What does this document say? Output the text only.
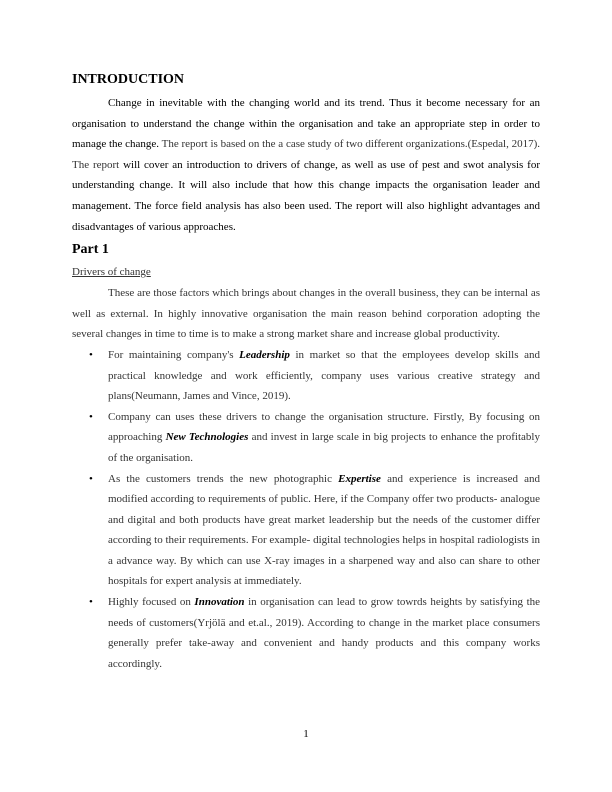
INTRODUCTION

Change in inevitable with the changing world and its trend. Thus it become necessary for an organisation to understand the change within the organisation and take an appropriate step in order to manage the change. The report is based on the a case study of two different organizations.(Espedal, 2017). The report will cover an introduction to drivers of change, as well as use of pest and swot analysis for understanding change. It will also include that how this change impacts the organisation leader and management. The force field analysis has also been used. The report will also highlight advantages and disadvantages of various approaches.

Part 1
Drivers of change

These are those factors which brings about changes in the overall business, they can be internal as well as external. In highly innovative organisation the main reason behind corporation adopting the several changes in time to time is to make a strong market share and increase global productivity.

• For maintaining company's Leadership in market so that the employees develop skills and practical knowledge and work efficiently, company uses various creative strategy and plans(Neumann, James and Vince, 2019).
• Company can uses these drivers to change the organisation structure. Firstly, By focusing on approaching New Technologies and invest in large scale in big projects to enhance the profitably of the organisation.
• As the customers trends the new photographic Expertise and experience is increased and modified according to requirements of public. Here, if the Company offer two products- analogue and digital and both products have great market leadership but the needs of the customer differ according to their requirements. For example- digital technologies helps in hospital radiologists in a advance way. By which can use X-ray images in a sharpened way and also can share to other hospitals for expert analysis at immediately.
• Highly focused on Innovation in organisation can lead to grow towrds heights by satisfying the needs of customers(Yrjölä and et.al., 2019). According to change in the market place consumers generally prefer take-away and convenient and handy products and this company works accordingly.
1
